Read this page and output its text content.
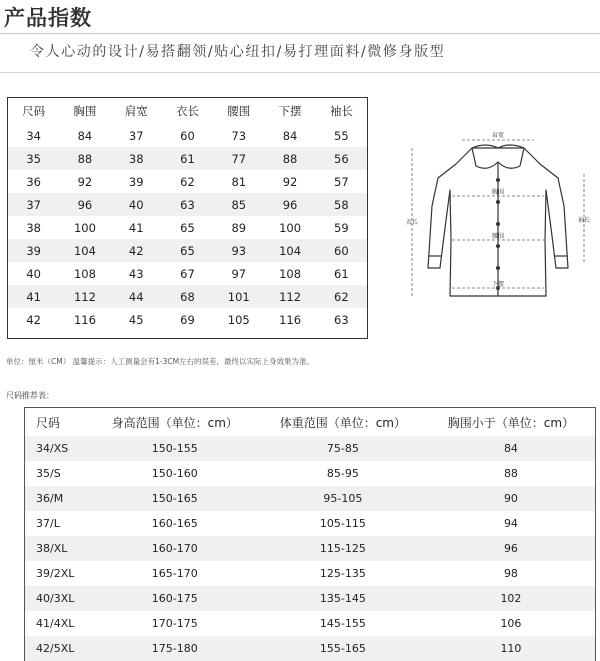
产品指数
令人心动的设计/易搭翻领/贴心纽扣/易打理面料/微修身版型
尺码	胸围	肩宽	衣长	腰围	下摆	袖长
34	84	37	60	73	84	55
35	88	38	61	77	88	56
36	92	39	62	81	92	57
37	96	40	63	85	96	58
38	100	41	65	89	100	59
39	104	42	65	93	104	60
40	108	43	67	97	108	61
41	112	44	68	101	112	62
42	116	45	69	105	116	63
肩宽
胸围
腰围
下摆
衣长	袖长
单位：厘米（CM） 温馨提示：人工测量会有1-3CM左右的误差，最终以实际上身效果为准。
尺码推荐表：
尺码	身高范围（单位：cm）	体重范围（单位：cm）	胸围小于（单位：cm）
34/XS	150-155	75-85	84
35/S	150-160	85-95	88
36/M	150-165	95-105	90
37/L	160-165	105-115	94
38/XL	160-170	115-125	96
39/2XL	165-170	125-135	98
40/3XL	160-175	135-145	102
41/4XL	170-175	145-155	106
42/5XL	175-180	155-165	110
